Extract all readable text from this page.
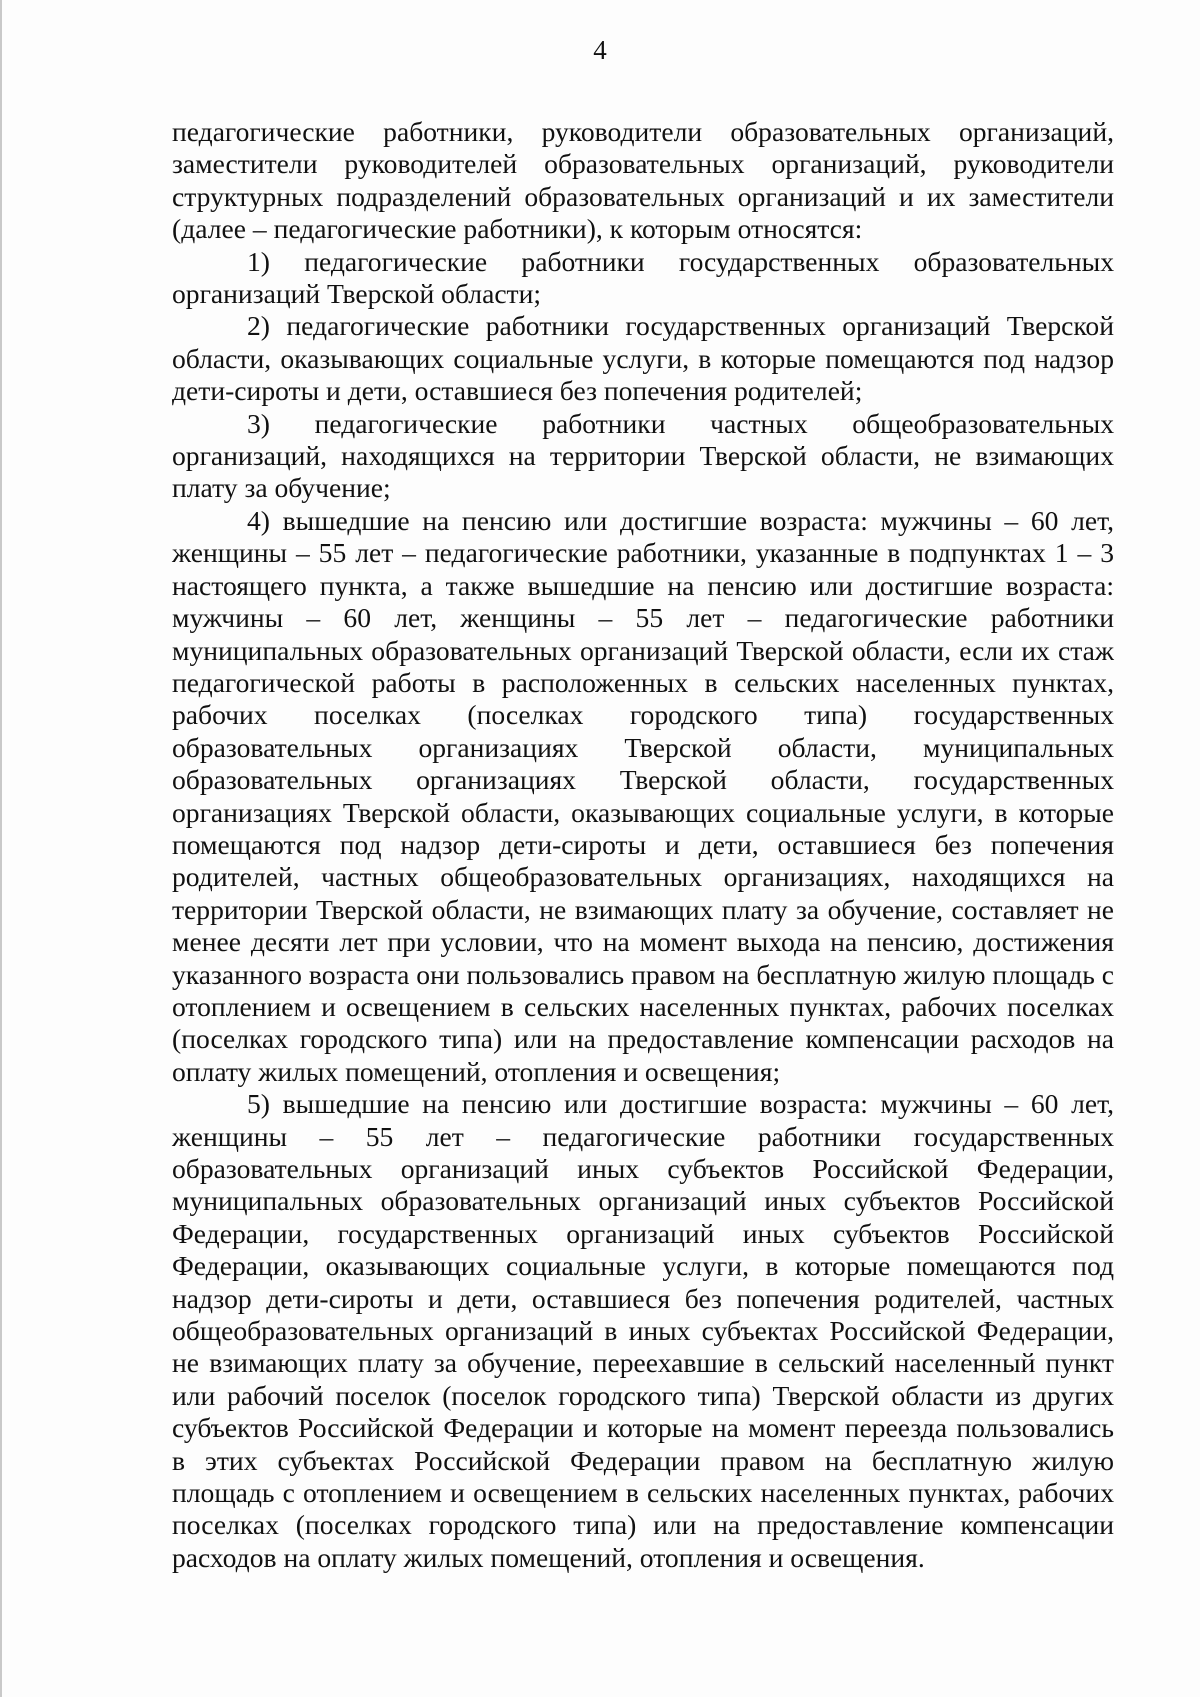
4

педагогические работники, руководители образовательных организаций, заместители руководителей образовательных организаций, руководители структурных подразделений образовательных организаций и их заместители (далее – педагогические работники), к которым относятся:

1) педагогические работники государственных образовательных организаций Тверской области;

2) педагогические работники государственных организаций Тверской области, оказывающих социальные услуги, в которые помещаются под надзор дети-сироты и дети, оставшиеся без попечения родителей;

3) педагогические работники частных общеобразовательных организаций, находящихся на территории Тверской области, не взимающих плату за обучение;

4) вышедшие на пенсию или достигшие возраста: мужчины – 60 лет, женщины – 55 лет – педагогические работники, указанные в подпунктах 1 – 3 настоящего пункта, а также вышедшие на пенсию или достигшие возраста: мужчины – 60 лет, женщины – 55 лет – педагогические работники муниципальных образовательных организаций Тверской области, если их стаж педагогической работы в расположенных в сельских населенных пунктах, рабочих поселках (поселках городского типа) государственных образовательных организациях Тверской области, муниципальных образовательных организациях Тверской области, государственных организациях Тверской области, оказывающих социальные услуги, в которые помещаются под надзор дети-сироты и дети, оставшиеся без попечения родителей, частных общеобразовательных организациях, находящихся на территории Тверской области, не взимающих плату за обучение, составляет не менее десяти лет при условии, что на момент выхода на пенсию, достижения указанного возраста они пользовались правом на бесплатную жилую площадь с отоплением и освещением в сельских населенных пунктах, рабочих поселках (поселках городского типа) или на предоставление компенсации расходов на оплату жилых помещений, отопления и освещения;

5) вышедшие на пенсию или достигшие возраста: мужчины – 60 лет, женщины – 55 лет – педагогические работники государственных образовательных организаций иных субъектов Российской Федерации, муниципальных образовательных организаций иных субъектов Российской Федерации, государственных организаций иных субъектов Российской Федерации, оказывающих социальные услуги, в которые помещаются под надзор дети-сироты и дети, оставшиеся без попечения родителей, частных общеобразовательных организаций в иных субъектах Российской Федерации, не взимающих плату за обучение, переехавшие в сельский населенный пункт или рабочий поселок (поселок городского типа) Тверской области из других субъектов Российской Федерации и которые на момент переезда пользовались в этих субъектах Российской Федерации правом на бесплатную жилую площадь с отоплением и освещением в сельских населенных пунктах, рабочих поселках (поселках городского типа) или на предоставление компенсации расходов на оплату жилых помещений, отопления и освещения.
